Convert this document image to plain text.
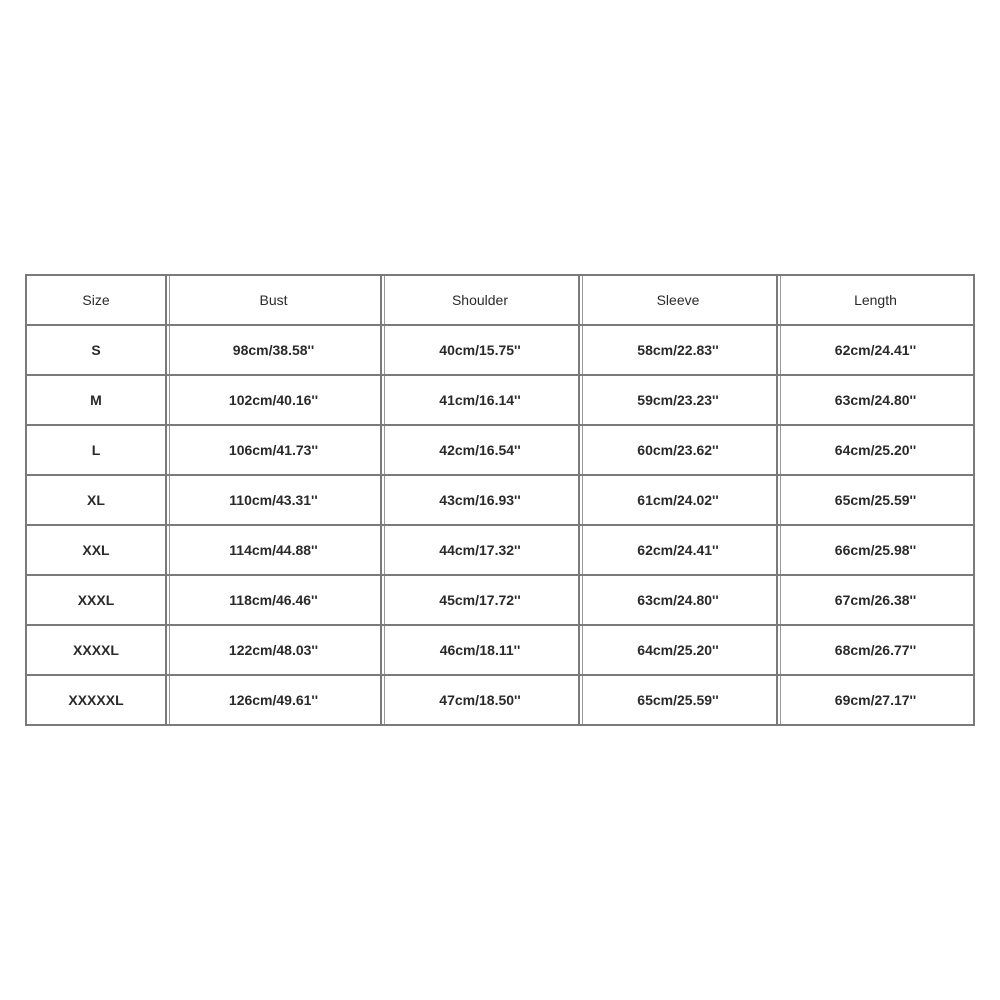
Size	Bust	Shoulder	Sleeve	Length
S	98cm/38.58''	40cm/15.75''	58cm/22.83''	62cm/24.41''
M	102cm/40.16''	41cm/16.14''	59cm/23.23''	63cm/24.80''
L	106cm/41.73''	42cm/16.54''	60cm/23.62''	64cm/25.20''
XL	110cm/43.31''	43cm/16.93''	61cm/24.02''	65cm/25.59''
XXL	114cm/44.88''	44cm/17.32''	62cm/24.41''	66cm/25.98''
XXXL	118cm/46.46''	45cm/17.72''	63cm/24.80''	67cm/26.38''
XXXXL	122cm/48.03''	46cm/18.11''	64cm/25.20''	68cm/26.77''
XXXXXL	126cm/49.61''	47cm/18.50''	65cm/25.59''	69cm/27.17''
